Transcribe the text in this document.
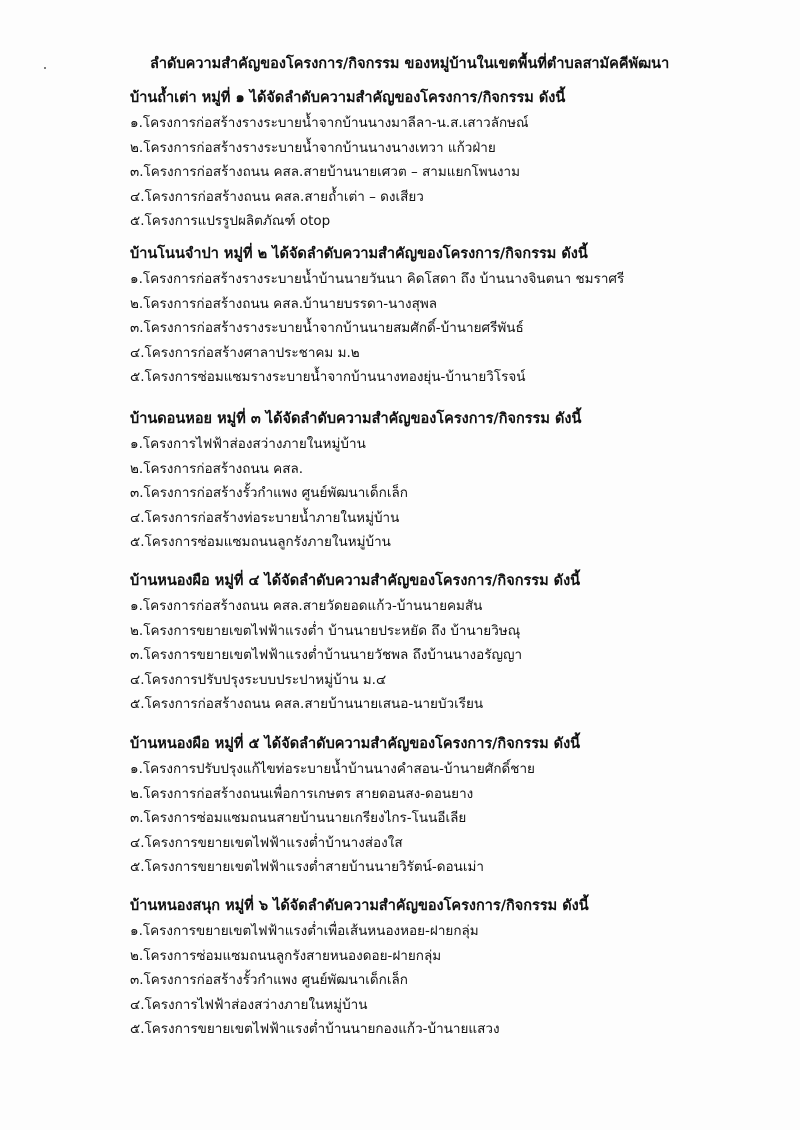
ลำดับความสำคัญของโครงการ/กิจกรรม ของหมู่บ้านในเขตพื้นที่ตำบลสามัคคีพัฒนา
บ้านถ้ำเต่า หมู่ที่ ๑ ได้จัดลำดับความสำคัญของโครงการ/กิจกรรม ดังนี้
๑.โครงการก่อสร้างรางระบายน้ำจากบ้านนางมาลีลา-น.ส.เสาวลักษณ์
๒.โครงการก่อสร้างรางระบายน้ำจากบ้านนางนางเทวา แก้วฝ่าย
๓.โครงการก่อสร้างถนน คสล.สายบ้านนายเศวต – สามแยกโพนงาม
๔.โครงการก่อสร้างถนน คสล.สายถ้ำเต่า – ดงเสียว
๕.โครงการแปรรูปผลิตภัณฑ์ otop
บ้านโนนจำปา หมู่ที่ ๒ ได้จัดลำดับความสำคัญของโครงการ/กิจกรรม ดังนี้
๑.โครงการก่อสร้างรางระบายน้ำบ้านนายวันนา คิดโสดา ถึง บ้านนางจินตนา ชมราศรี
๒.โครงการก่อสร้างถนน คสล.บ้านายบรรดา-นางสุพล
๓.โครงการก่อสร้างรางระบายน้ำจากบ้านนายสมศักดิ์-บ้านายศรีพันธ์
๔.โครงการก่อสร้างศาลาประชาคม ม.๒
๕.โครงการซ่อมแซมรางระบายน้ำจากบ้านนางทองยุ่น-บ้านายวิโรจน์
บ้านดอนหอย หมู่ที่ ๓ ได้จัดลำดับความสำคัญของโครงการ/กิจกรรม ดังนี้
๑.โครงการไฟฟ้าส่องสว่างภายในหมู่บ้าน
๒.โครงการก่อสร้างถนน คสล.
๓.โครงการก่อสร้างรั้วกำแพง ศูนย์พัฒนาเด็กเล็ก
๔.โครงการก่อสร้างท่อระบายน้ำภายในหมู่บ้าน
๕.โครงการซ่อมแซมถนนลูกรังภายในหมู่บ้าน
บ้านหนองผือ หมู่ที่ ๔ ได้จัดลำดับความสำคัญของโครงการ/กิจกรรม ดังนี้
๑.โครงการก่อสร้างถนน คสล.สายวัดยอดแก้ว-บ้านนายคมสัน
๒.โครงการขยายเขตไฟฟ้าแรงต่ำ บ้านนายประหยัด ถึง บ้านายวิษณุ
๓.โครงการขยายเขตไฟฟ้าแรงต่ำบ้านนายวัชพล ถึงบ้านนางอรัญญา
๔.โครงการปรับปรุงระบบประปาหมู่บ้าน ม.๔
๕.โครงการก่อสร้างถนน คสล.สายบ้านนายเสนอ-นายบัวเรียน
บ้านหนองผือ หมู่ที่ ๕ ได้จัดลำดับความสำคัญของโครงการ/กิจกรรม ดังนี้
๑.โครงการปรับปรุงแก้ไขท่อระบายน้ำบ้านนางคำสอน-บ้านายศักดิ์ชาย
๒.โครงการก่อสร้างถนนเพื่อการเกษตร สายดอนสง-ดอนยาง
๓.โครงการซ่อมแซมถนนสายบ้านนายเกรียงไกร-โนนอีเลีย
๔.โครงการขยายเขตไฟฟ้าแรงต่ำบ้านางส่องใส
๕.โครงการขยายเขตไฟฟ้าแรงต่ำสายบ้านนายวิรัตน์-ดอนเม่า
บ้านหนองสนุก หมู่ที่ ๖ ได้จัดลำดับความสำคัญของโครงการ/กิจกรรม ดังนี้
๑.โครงการขยายเขตไฟฟ้าแรงต่ำเพื่อเส้นหนองหอย-ฝายกลุ่ม
๒.โครงการซ่อมแซมถนนลูกรังสายหนองดอย-ฝายกลุ่ม
๓.โครงการก่อสร้างรั้วกำแพง ศูนย์พัฒนาเด็กเล็ก
๔.โครงการไฟฟ้าส่องสว่างภายในหมู่บ้าน
๕.โครงการขยายเขตไฟฟ้าแรงต่ำบ้านนายกองแก้ว-บ้านายแสวง
